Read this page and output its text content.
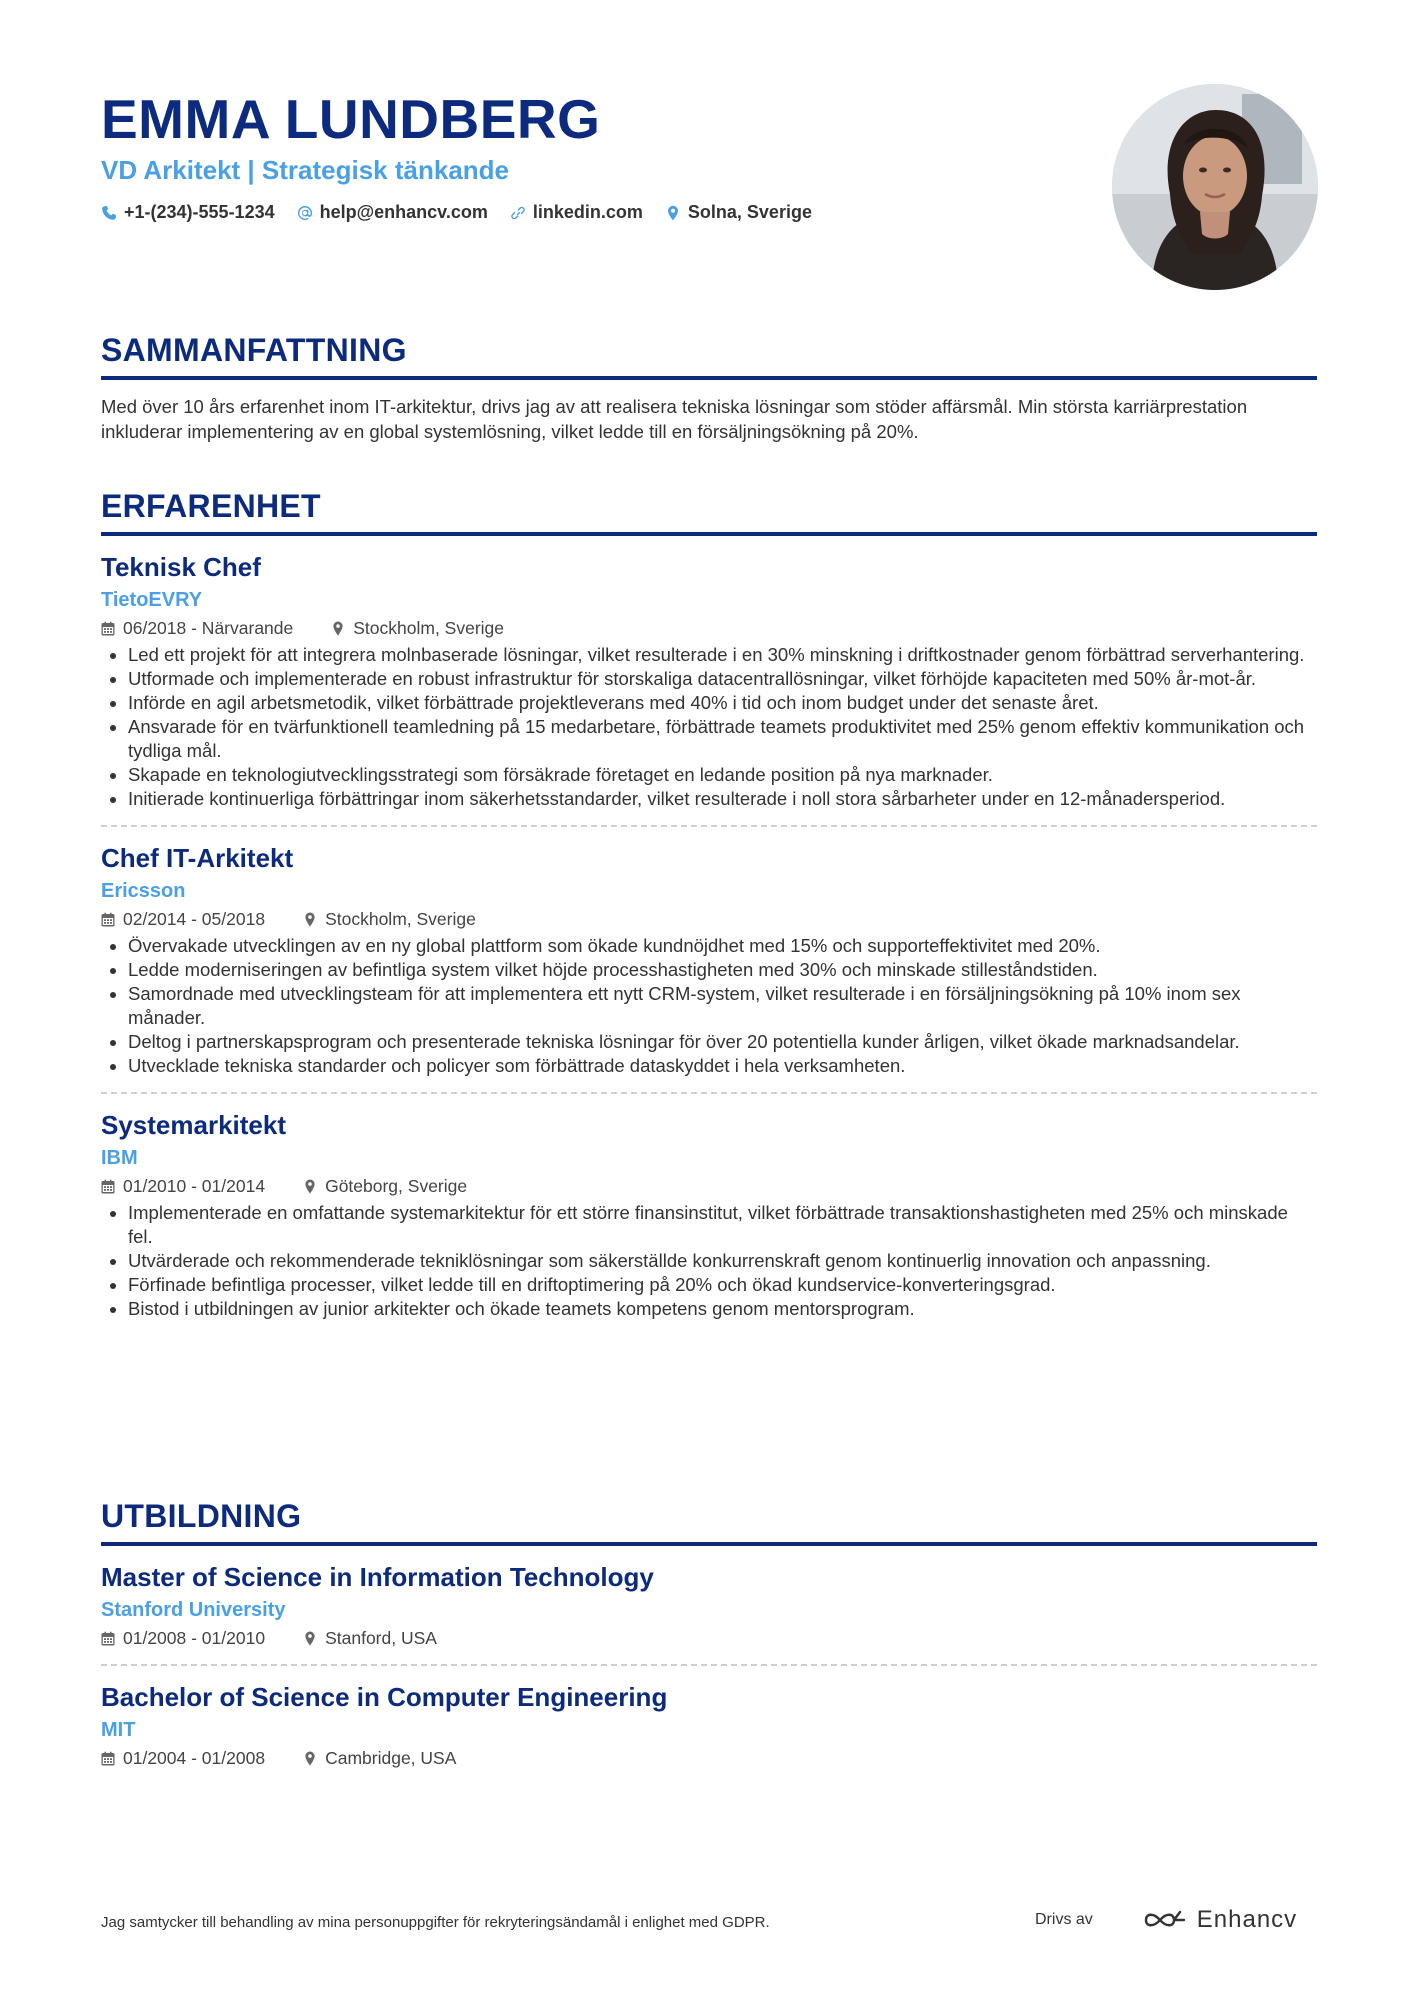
EMMA LUNDBERG
VD Arkitekt | Strategisk tänkande
+1-(234)-555-1234	help@enhancv.com	linkedin.com	Solna, Sverige
SAMMANFATTNING

Med över 10 års erfarenhet inom IT-arkitektur, drivs jag av att realisera tekniska lösningar som stöder affärsmål. Min största karriärprestation inkluderar implementering av en global systemlösning, vilket ledde till en försäljningsökning på 20%.

ERFARENHET
Teknisk Chef
TietoEVRY
06/2018 - Närvarande	Stockholm, Sverige
• Led ett projekt för att integrera molnbaserade lösningar, vilket resulterade i en 30% minskning i driftkostnader genom förbättrad serverhantering.
• Utformade och implementerade en robust infrastruktur för storskaliga datacentrallösningar, vilket förhöjde kapaciteten med 50% år-mot-år.
• Införde en agil arbetsmetodik, vilket förbättrade projektleverans med 40% i tid och inom budget under det senaste året.
• Ansvarade för en tvärfunktionell teamledning på 15 medarbetare, förbättrade teamets produktivitet med 25% genom effektiv kommunikation och tydliga mål.
• Skapade en teknologiutvecklingsstrategi som försäkrade företaget en ledande position på nya marknader.
• Initierade kontinuerliga förbättringar inom säkerhetsstandarder, vilket resulterade i noll stora sårbarheter under en 12-månadersperiod.
Chef IT-Arkitekt
Ericsson
02/2014 - 05/2018	Stockholm, Sverige
• Övervakade utvecklingen av en ny global plattform som ökade kundnöjdhet med 15% och supporteffektivitet med 20%.
• Ledde moderniseringen av befintliga system vilket höjde processhastigheten med 30% och minskade stilleståndstiden.
• Samordnade med utvecklingsteam för att implementera ett nytt CRM-system, vilket resulterade i en försäljningsökning på 10% inom sex månader.
• Deltog i partnerskapsprogram och presenterade tekniska lösningar för över 20 potentiella kunder årligen, vilket ökade marknadsandelar.
• Utvecklade tekniska standarder och policyer som förbättrade dataskyddet i hela verksamheten.
Systemarkitekt
IBM
01/2010 - 01/2014	Göteborg, Sverige
• Implementerade en omfattande systemarkitektur för ett större finansinstitut, vilket förbättrade transaktionshastigheten med 25% och minskade fel.
• Utvärderade och rekommenderade tekniklösningar som säkerställde konkurrenskraft genom kontinuerlig innovation och anpassning.
• Förfinade befintliga processer, vilket ledde till en driftoptimering på 20% och ökad kundservice-konverteringsgrad.
• Bistod i utbildningen av junior arkitekter och ökade teamets kompetens genom mentorsprogram.
UTBILDNING
Master of Science in Information Technology
Stanford University
01/2008 - 01/2010	Stanford, USA
Bachelor of Science in Computer Engineering
MIT
01/2004 - 01/2008	Cambridge, USA
Jag samtycker till behandling av mina personuppgifter för rekryteringsändamål i enlighet med GDPR.	Drivs av	Enhancv
